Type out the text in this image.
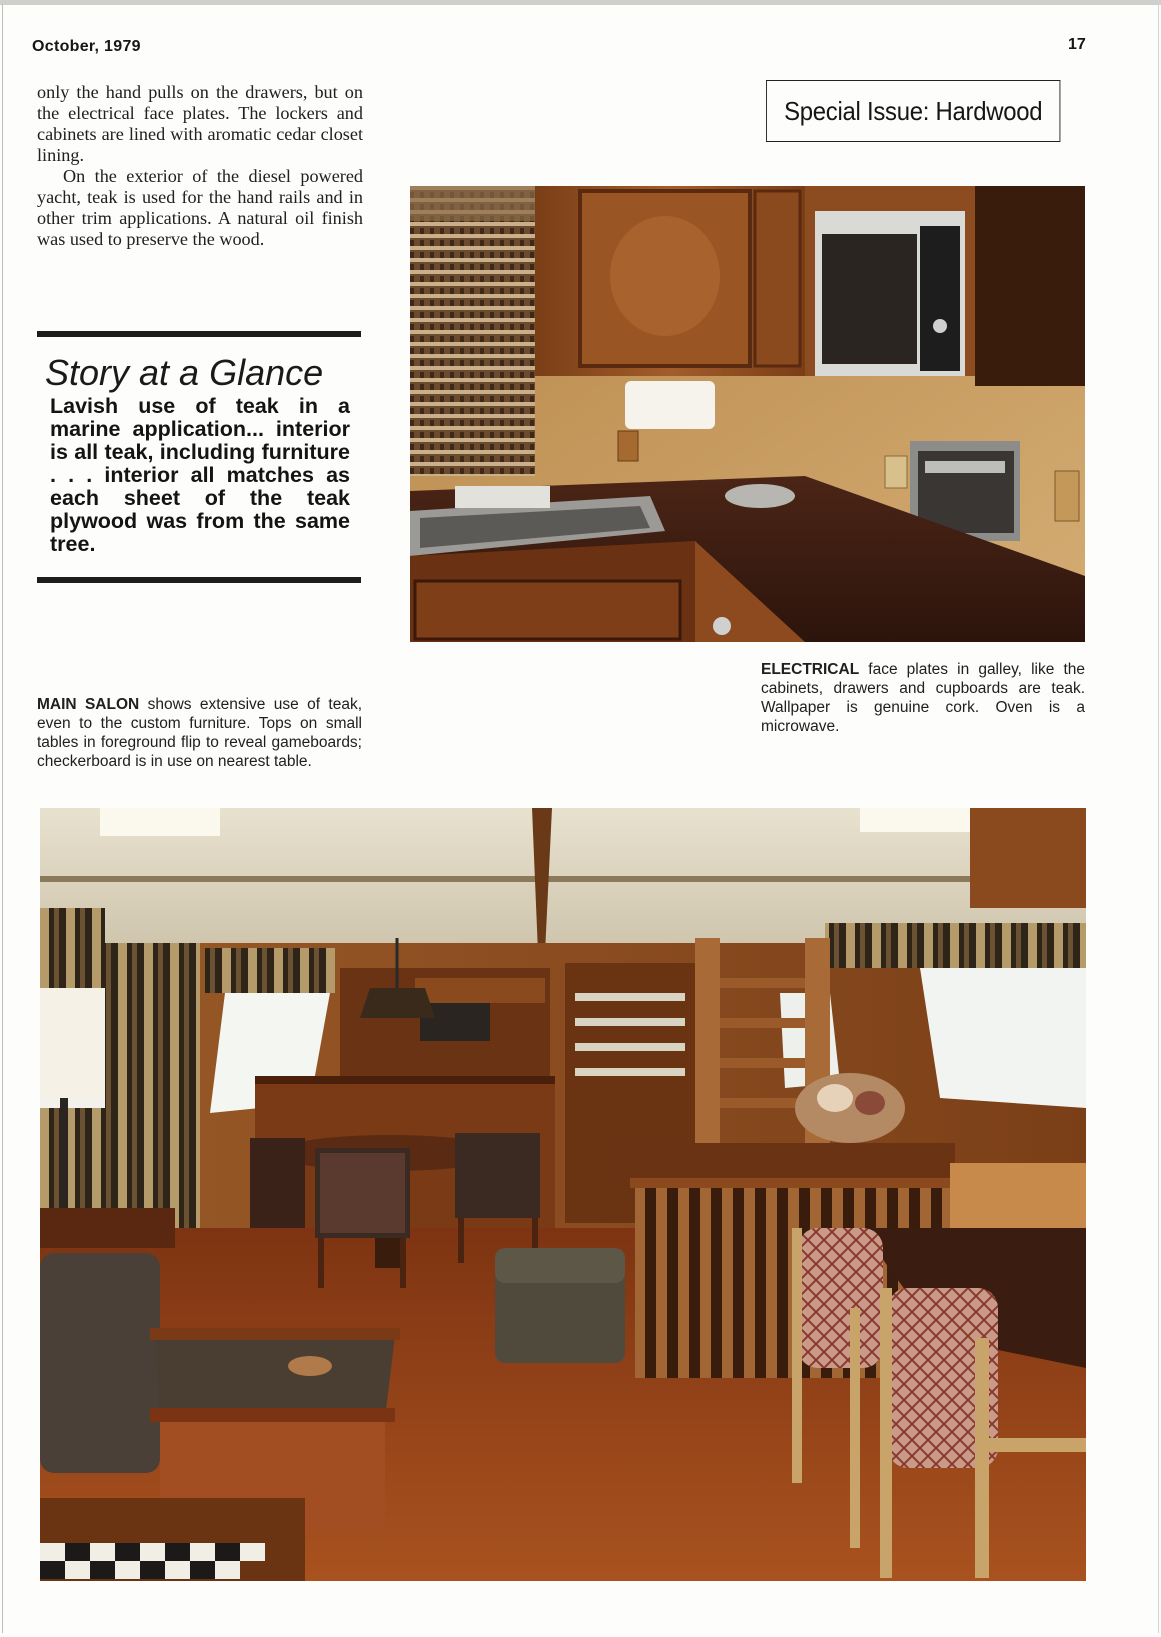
October, 1979	17

only the hand pulls on the drawers, but on the electrical face plates. The lockers and cabinets are lined with aromatic cedar closet lining.

On the exterior of the diesel powered yacht, teak is used for the hand rails and in other trim applications. A natural oil finish was used to preserve the wood.

Special Issue: Hardwood
Story at a Glance
Lavish use of teak in a marine application... interior is all teak, including furniture . . . interior all matches as each sheet of the teak plywood was from the same tree.
ELECTRICAL face plates in galley, like the cabinets, drawers and cupboards are teak. Wallpaper is genuine cork. Oven is a microwave.
MAIN SALON shows extensive use of teak, even to the custom furniture. Tops on small tables in foreground flip to reveal gameboards; checkerboard is in use on nearest table.
